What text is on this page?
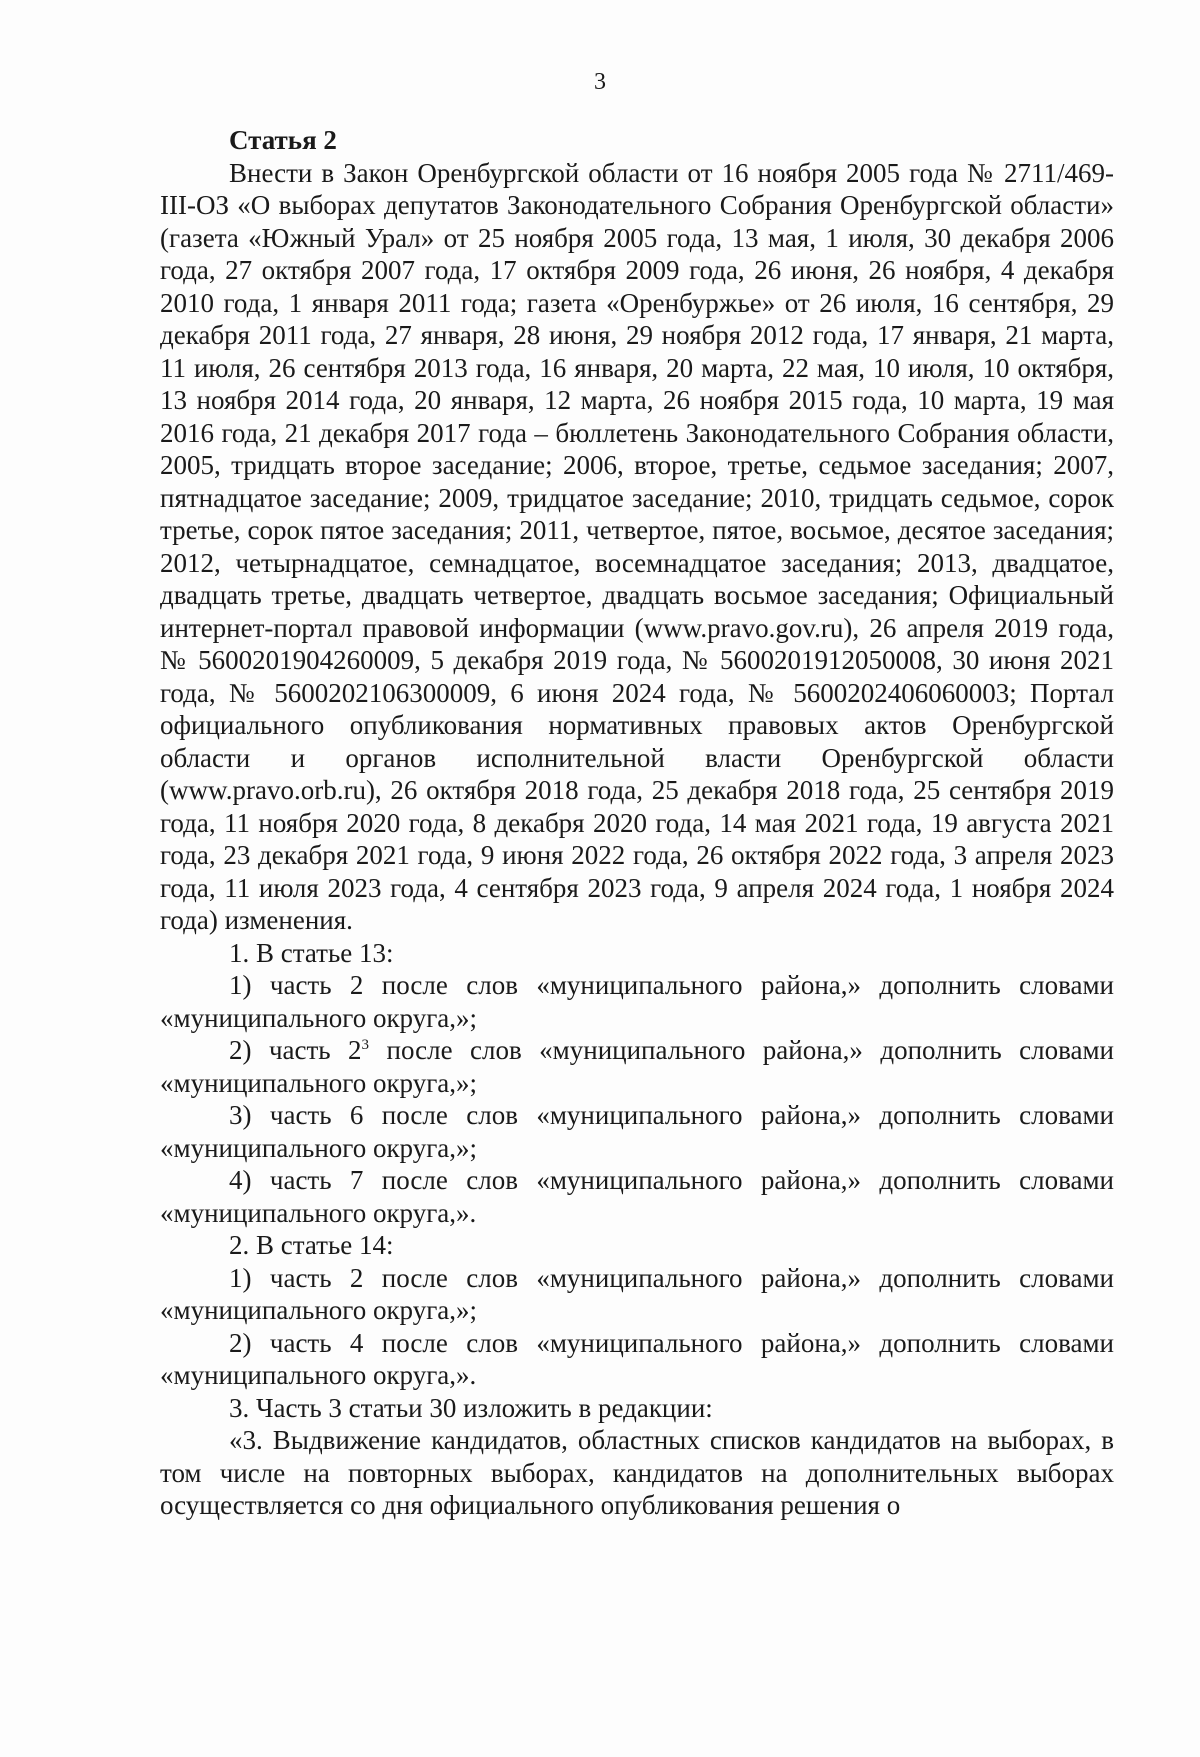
3

Статья 2

Внести в Закон Оренбургской области от 16 ноября 2005 года № 2711/469-III-ОЗ «О выборах депутатов Законодательного Собрания Оренбургской области» (газета «Южный Урал» от 25 ноября 2005 года, 13 мая, 1 июля, 30 декабря 2006 года, 27 октября 2007 года, 17 октября 2009 года, 26 июня, 26 ноября, 4 декабря 2010 года, 1 января 2011 года; газета «Оренбуржье» от 26 июля, 16 сентября, 29 декабря 2011 года, 27 января, 28 июня, 29 ноября 2012 года, 17 января, 21 марта, 11 июля, 26 сентября 2013 года, 16 января, 20 марта, 22 мая, 10 июля, 10 октября, 13 ноября 2014 года, 20 января, 12 марта, 26 ноября 2015 года, 10 марта, 19 мая 2016 года, 21 декабря 2017 года – бюллетень Законодательного Собрания области, 2005, тридцать второе заседание; 2006, второе, третье, седьмое заседания; 2007, пятнадцатое заседание; 2009, тридцатое заседание; 2010, тридцать седьмое, сорок третье, сорок пятое заседания; 2011, четвертое, пятое, восьмое, десятое заседания; 2012, четырнадцатое, семнадцатое, восемнадцатое заседания; 2013, двадцатое, двадцать третье, двадцать четвертое, двадцать восьмое заседания; Официальный интернет-портал правовой информации (www.pravo.gov.ru), 26 апреля 2019 года, № 5600201904260009, 5 декабря 2019 года, № 5600201912050008, 30 июня 2021 года, № 5600202106300009, 6 июня 2024 года, № 5600202406060003; Портал официального опубликования нормативных правовых актов Оренбургской области и органов исполнительной власти Оренбургской области (www.pravo.orb.ru), 26 октября 2018 года, 25 декабря 2018 года, 25 сентября 2019 года, 11 ноября 2020 года, 8 декабря 2020 года, 14 мая 2021 года, 19 августа 2021 года, 23 декабря 2021 года, 9 июня 2022 года, 26 октября 2022 года, 3 апреля 2023 года, 11 июля 2023 года, 4 сентября 2023 года, 9 апреля 2024 года, 1 ноября 2024 года) изменения.

1. В статье 13:

1) часть 2 после слов «муниципального района,» дополнить словами «муниципального округа,»;

2) часть $2^3$ после слов «муниципального района,» дополнить словами «муниципального округа,»;

3) часть 6 после слов «муниципального района,» дополнить словами «муниципального округа,»;

4) часть 7 после слов «муниципального района,» дополнить словами «муниципального округа,».

2. В статье 14:

1) часть 2 после слов «муниципального района,» дополнить словами «муниципального округа,»;

2) часть 4 после слов «муниципального района,» дополнить словами «муниципального округа,».

3. Часть 3 статьи 30 изложить в редакции:

«3. Выдвижение кандидатов, областных списков кандидатов на выборах, в том числе на повторных выборах, кандидатов на дополнительных выборах осуществляется со дня официального опубликования решения о
